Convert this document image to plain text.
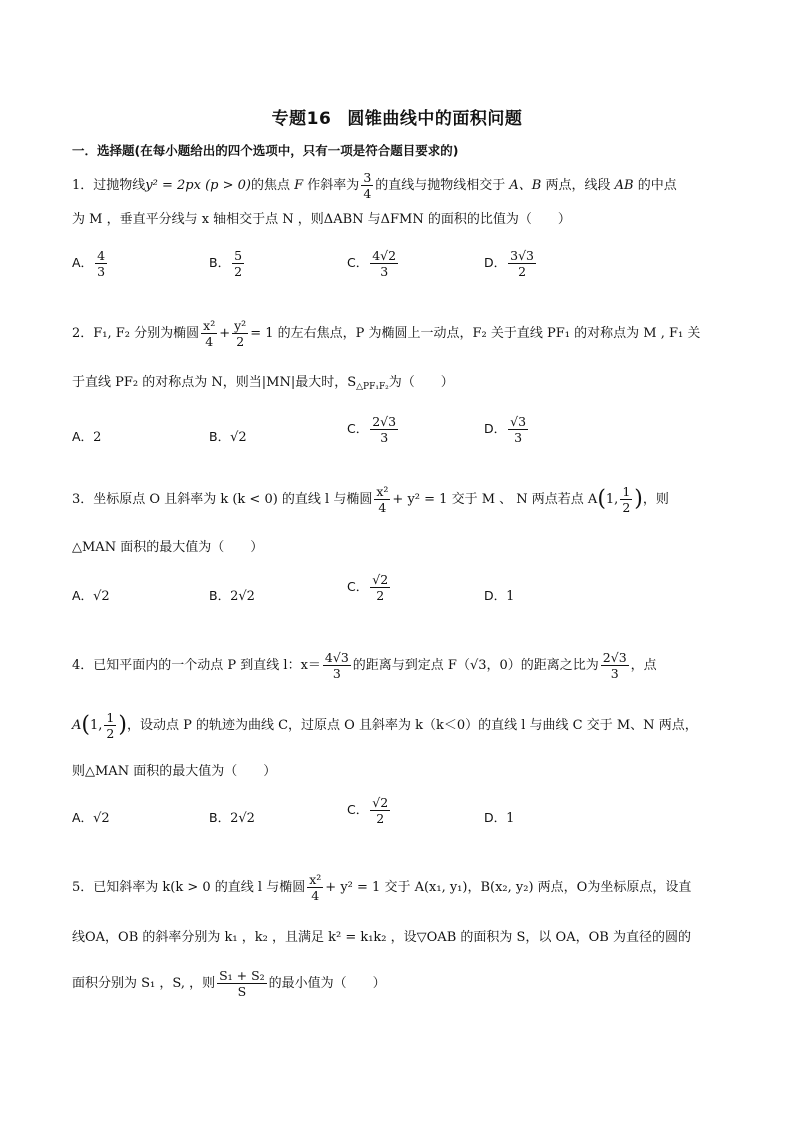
专题16 圆锥曲线中的面积问题
一．选择题(在每小题给出的四个选项中，只有一项是符合题目要求的)
1．过抛物线y² = 2px (p > 0)的焦点 F 作斜率为 $\frac{3}{4}$ 的直线与抛物线相交于 A、B 两点，线段 AB 的中点
为 M ，垂直平分线与 x 轴相交于点 N ，则ΔABN 与ΔFMN 的面积的比值为（　　）
A． $\frac{4}{3}$	B． $\frac{5}{2}$	C． $\frac{4√2}{3}$	D． $\frac{3√3}{2}$
2．F₁, F₂ 分别为椭圆 $\frac{\text{x²}}{4} + \frac{\text{y²}}{2} = 1$ 的左右焦点，P 为椭圆上一动点，F₂ 关于直线 PF₁ 的对称点为 M , F₁ 关
于直线 PF₂ 的对称点为 N，则当|MN|最大时，$S_{\triangle PF_1F_2}$为（　　）
A．2	B．√2
C． $\frac{2√3}{3}$	D． $\frac{√3}{3}$
3．坐标原点 O 且斜率为 k (k < 0) 的直线 l 与椭圆 $\frac{\text{x²}}{4} + y^2 = 1$ 交于 M 、 N 两点若点 A(1, $\frac{1}{2}$ )，则
△MAN 面积的最大值为（　　）
A．√2	B．2√2
C． $\frac{√2}{2}$	D．1
4．已知平面内的一个动点 P 到直线 l：$x= \frac{4√3}{3}$ 的距离与到定点 F（√3，0）的距离之比为 $\frac{2√3}{3}$ ，点
A(1, $\frac{1}{2}$ )，设动点 P 的轨迹为曲线 C，过原点 O 且斜率为 k（k＜0）的直线 l 与曲线 C 交于 M、N 两点，
则△MAN 面积的最大值为（　　）
A．√2	B．2√2
C． $\frac{√2}{2}$	D．1
5．已知斜率为 k(k > 0 的直线 l 与椭圆 $\frac{\text{x²}}{4} + y^2 = 1$ 交于 A(x₁, y₁)，B(x₂, y₂) 两点，O为坐标原点，设直
线OA，OB 的斜率分别为 k₁ ，k₂ ，且满足 k² = k₁k₂ ，设▽OAB 的面积为 S，以 OA，OB 为直径的圆的
面积分别为 S₁ ，S, ，则 $\frac{\text{S₁ + S₂}}{S}$ 的最小值为（　　）
